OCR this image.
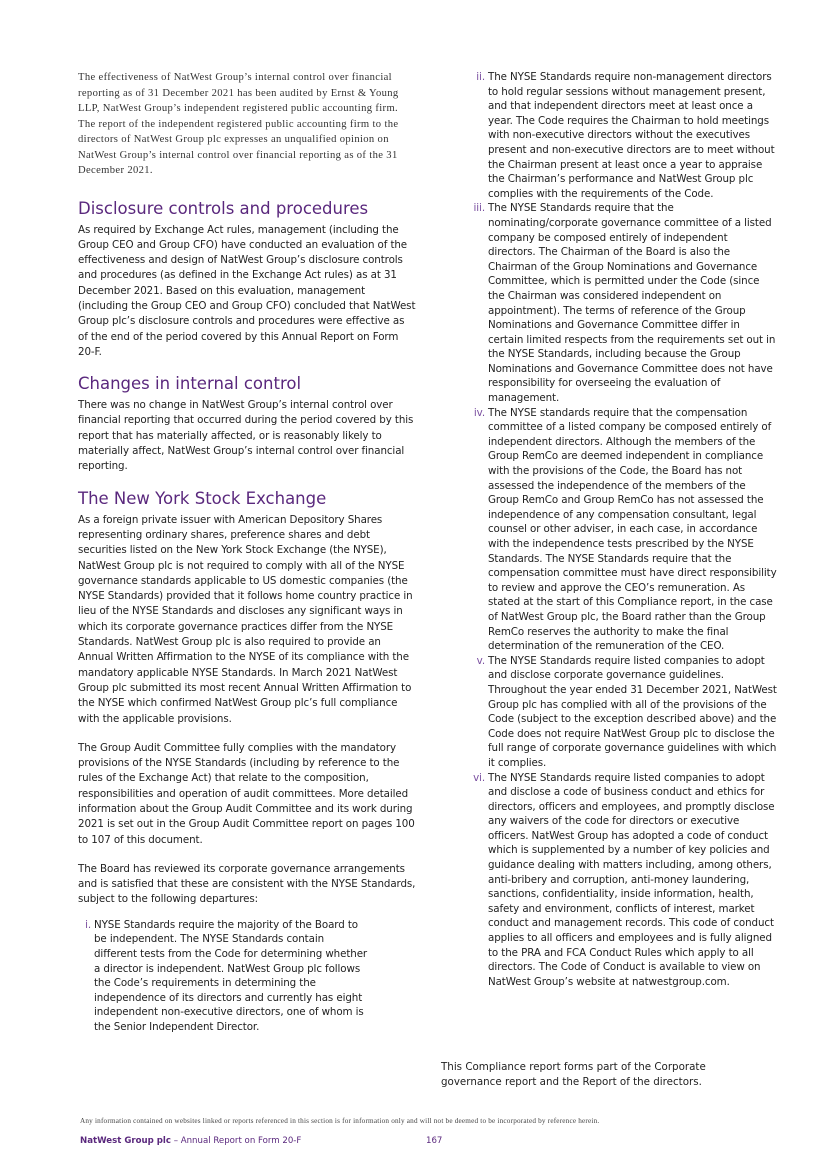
The effectiveness of NatWest Group’s internal control over financial reporting as of 31 December 2021 has been audited by Ernst & Young LLP, NatWest Group’s independent registered public accounting firm. The report of the independent registered public accounting firm to the directors of NatWest Group plc expresses an unqualified opinion on NatWest Group’s internal control over financial reporting as of the 31 December 2021.

Disclosure controls and procedures

As required by Exchange Act rules, management (including the Group CEO and Group CFO) have conducted an evaluation of the effectiveness and design of NatWest Group’s disclosure controls and procedures (as defined in the Exchange Act rules) as at 31 December 2021. Based on this evaluation, management (including the Group CEO and Group CFO) concluded that NatWest Group plc’s disclosure controls and procedures were effective as of the end of the period covered by this Annual Report on Form 20-F.

Changes in internal control

There was no change in NatWest Group’s internal control over financial reporting that occurred during the period covered by this report that has materially affected, or is reasonably likely to materially affect, NatWest Group’s internal control over financial reporting.

The New York Stock Exchange

As a foreign private issuer with American Depository Shares representing ordinary shares, preference shares and debt securities listed on the New York Stock Exchange (the NYSE), NatWest Group plc is not required to comply with all of the NYSE governance standards applicable to US domestic companies (the NYSE Standards) provided that it follows home country practice in lieu of the NYSE Standards and discloses any significant ways in which its corporate governance practices differ from the NYSE Standards. NatWest Group plc is also required to provide an Annual Written Affirmation to the NYSE of its compliance with the mandatory applicable NYSE Standards. In March 2021 NatWest Group plc submitted its most recent Annual Written Affirmation to the NYSE which confirmed NatWest Group plc’s full compliance with the applicable provisions.

The Group Audit Committee fully complies with the mandatory provisions of the NYSE Standards (including by reference to the rules of the Exchange Act) that relate to the composition, responsibilities and operation of audit committees. More detailed information about the Group Audit Committee and its work during 2021 is set out in the Group Audit Committee report on pages 100 to 107 of this document.

The Board has reviewed its corporate governance arrangements and is satisfied that these are consistent with the NYSE Standards, subject to the following departures:

i. NYSE Standards require the majority of the Board to be independent. The NYSE Standards contain different tests from the Code for determining whether a director is independent. NatWest Group plc follows the Code’s requirements in determining the independence of its directors and currently has eight independent non-executive directors, one of whom is the Senior Independent Director.
ii. The NYSE Standards require non-management directors to hold regular sessions without management present, and that independent directors meet at least once a year. The Code requires the Chairman to hold meetings with non-executive directors without the executives present and non-executive directors are to meet without the Chairman present at least once a year to appraise the Chairman’s performance and NatWest Group plc complies with the requirements of the Code.
iii. The NYSE Standards require that the nominating/corporate governance committee of a listed company be composed entirely of independent directors. The Chairman of the Board is also the Chairman of the Group Nominations and Governance Committee, which is permitted under the Code (since the Chairman was considered independent on appointment). The terms of reference of the Group Nominations and Governance Committee differ in certain limited respects from the requirements set out in the NYSE Standards, including because the Group Nominations and Governance Committee does not have responsibility for overseeing the evaluation of management.
iv. The NYSE standards require that the compensation committee of a listed company be composed entirely of independent directors. Although the members of the Group RemCo are deemed independent in compliance with the provisions of the Code, the Board has not assessed the independence of the members of the Group RemCo and Group RemCo has not assessed the independence of any compensation consultant, legal counsel or other adviser, in each case, in accordance with the independence tests prescribed by the NYSE Standards. The NYSE Standards require that the compensation committee must have direct responsibility to review and approve the CEO’s remuneration. As stated at the start of this Compliance report, in the case of NatWest Group plc, the Board rather than the Group RemCo reserves the authority to make the final determination of the remuneration of the CEO.
v. The NYSE Standards require listed companies to adopt and disclose corporate governance guidelines. Throughout the year ended 31 December 2021, NatWest Group plc has complied with all of the provisions of the Code (subject to the exception described above) and the Code does not require NatWest Group plc to disclose the full range of corporate governance guidelines with which it complies.
vi. The NYSE Standards require listed companies to adopt and disclose a code of business conduct and ethics for directors, officers and employees, and promptly disclose any waivers of the code for directors or executive officers. NatWest Group has adopted a code of conduct which is supplemented by a number of key policies and guidance dealing with matters including, among others, anti-bribery and corruption, anti-money laundering, sanctions, confidentiality, inside information, health, safety and environment, conflicts of interest, market conduct and management records. This code of conduct applies to all officers and employees and is fully aligned to the PRA and FCA Conduct Rules which apply to all directors. The Code of Conduct is available to view on NatWest Group’s website at natwestgroup.com.

This Compliance report forms part of the Corporate governance report and the Report of the directors.

Any information contained on websites linked or reports referenced in this section is for information only and will not be deemed to be incorporated by reference herein.
NatWest Group plc – Annual Report on Form 20-F	167
